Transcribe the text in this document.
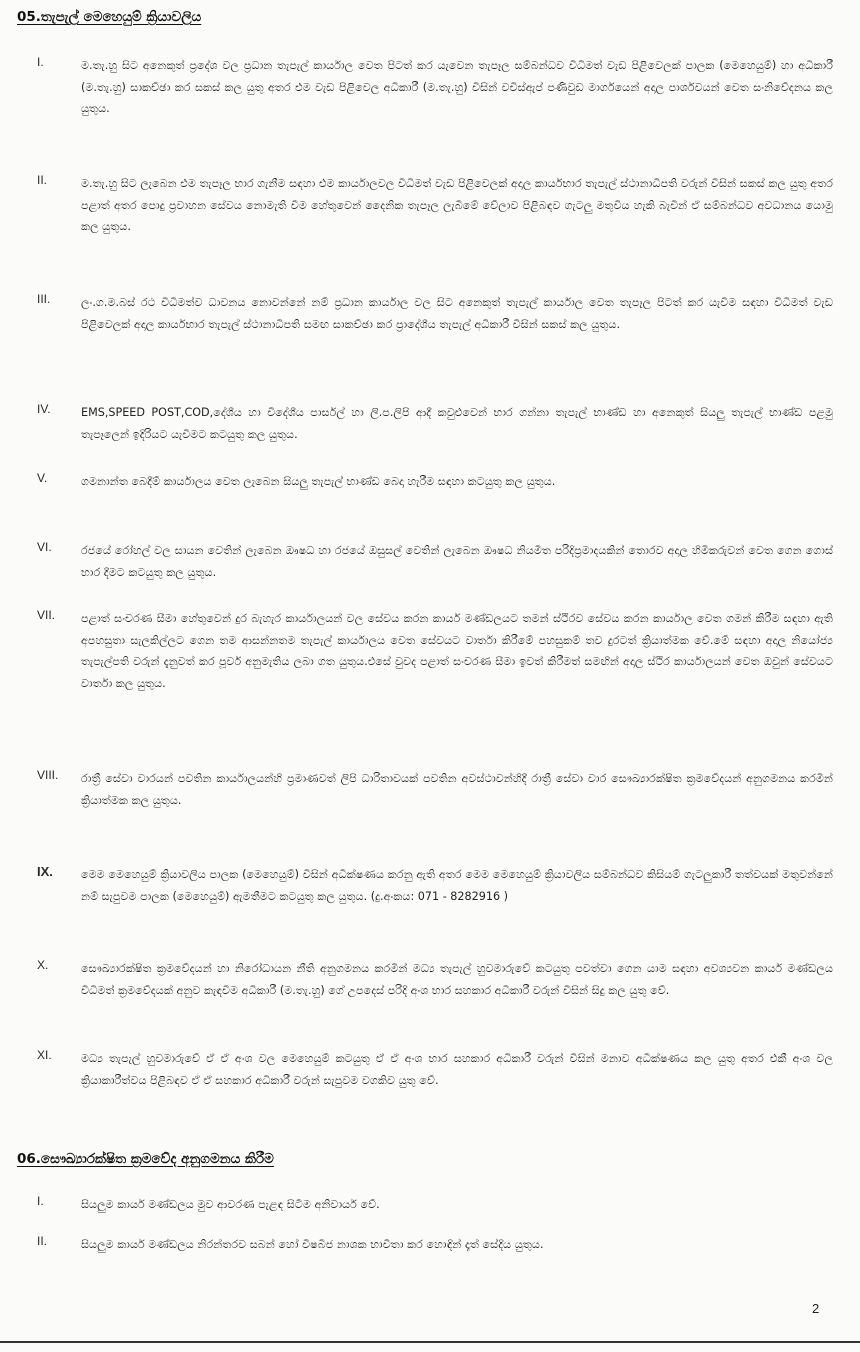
05.තැපැල් මෙහෙයුම් ක්‍රියාවලිය
I.	ම.තැ.හු සිට අනෙකුත් ප්‍රදේශ වල ප්‍රධාන තැපැල් කාර්යාල වෙත පිටත් කර යැවෙන තැපෑල සම්බන්ධව විධිමත් වැඩ පිළිවෙලක් පාලක (මෙහෙයුම්) හා අධිකාරී (ම.තැ.හු) සාකච්ඡා කර සකස් කල යුතු අතර එම වැඩ පිළිවෙල අධිකාරී (ම.තැ.හු) විසින් වචිස්ඇප් පණිවුඩ මාර්ගයෙන් අදාල පාර්ශවයන් වෙත සංනිවේදනය කල යුතුය.
II.	ම.තැ.හු සිට ලැබෙන එම තැපෑල භාර ගැනීම සඳහා එම කාර්යාලවල විධිමත් වැඩ පිළිවෙලක් අදාල කාර්යභාර තැපැල් ස්ථානාධිපති වරුන් විසින් සකස් කල යුතු අතර පළාත් අතර පොදු ප්‍රවාහන සේවය නොමැති වීම හේතුවෙන් දෛනික තැපෑල ලැබීමේ වේලාව පිළිබඳව ගැටලු මතුවිය හැකි බැවින් ඒ සම්බන්ධව අවධානය යොමු කල යුතුය.
III.	ලං.ග.ම.බස් රථ විධිමත්ව ධාවනය නොවන්නේ නම් ප්‍රධාන කාර්යාල වල සිට අනෙකුත් තැපැල් කාර්යාල වෙත තැපෑල පිටත් කර යැවීම සඳහා විධිමත් වැඩ පිළිවෙලක් අදාල කාර්යභාර තැපැල් ස්ථානාධිපති සමඟ සාකච්ඡා කර ප්‍රාදේශීය තැපැල් අධිකාරී විසින් සකස් කල යුතුය.
IV.	EMS,SPEED POST,COD,දේශීය හා විදේශීය පාර්සල් හා ලි.ප.ලිපි ආදී කවුළුවෙන් භාර ගන්නා තැපැල් භාණ්ඩ හා අනෙකුත් සියලු තැපැල් භාණ්ඩ පළමු තැපෑලෙන් ඉදිරියට යැවීමට කටයුතු කල යුතුය.
V.	ගමනාන්ත බෙදීම් කාර්යාලය වෙත ලැබෙන සියලු තැපැල් භාණ්ඩ බෙදා හැරීම සඳහා කටයුතු කල යුතුය.
VI.	රජයේ රෝහල් වල සායන වෙතින් ලැබෙන ඖෂධ හා රජයේ ඔසුසල් වෙතින් ලැබෙන ඖෂධ නියමිත පරිදිප්‍රමාදයකින් තොරව අදාල හිමිකරුවන් වෙත ගෙන ගොස් භාර දීමට කටයුතු කල යුතුය.
VII. පළාත් සංචරණ සීමා හේතුවෙන් දුර බැහැර කාර්යාලයන් වල සේවය කරන කාර්ය මණ්ඩලයට තමන් ස්ථිරව සේවය කරන කාර්යාල වෙත ගමන් කිරීම සඳහා ඇති අපහසුතා සැලකිල්ලට ගෙන තම ආසන්නතම තැපැල් කාර්යාලය වෙත සේවයට වාර්තා කිරීමේ පහසුකම් තව දුරටත් ක්‍රියාත්මක වේ.මේ සඳහා අදාල නියෝජ්‍ය තැපැල්පති වරුන් දැනුවත් කර පූර්ව අනුමැතිය ලබා ගත යුතුය.එසේ වුවද පළාත් සංචරණ සීමා ඉවත් කිරීමත් සමඟින් අදාල ස්ථිර කාර්යාලයන් වෙත ඔවුන් සේවයට වාර්තා කල යුතුය.
VIII. රාත්‍රී සේවා වාරයන් පවතින කාර්යාලයන්හි ප්‍රමාණවත් ලිපි ධාරිතාවයක් පවතින අවස්ථාවන්හිදී රාත්‍රී සේවා වාර සෞඛ්‍යාරක්ෂිත ක්‍රමවේදයන් අනුගමනය කරමින් ක්‍රියාත්මක කල යුතුය.
IX.	මෙම මෙහෙයුම් ක්‍රියාවලිය පාලක (මෙහෙයුම්) විසින් අධීක්ෂණය කරනු ඇති අතර මෙම මෙහෙයුම් ක්‍රියාවලිය සම්බන්ධව කිසියම් ගැටලුකාරී තත්වයක් මතුවන්නේ නම් සැපුවම පාලක (මෙහෙයුම්) ඇමතීමට කටයුතු කල යුතුය. (දු.අංකය: 071 - 8282916 )
X.	සෞඛ්‍යාරක්ෂිත ක්‍රමවේදයන් හා නිරෝධායන නීති අනුගමනය කරමින් මධ්‍ය තැපැල් හුවමාරුවේ කටයුතු පවත්වා ගෙන යාම සඳහා අවශ්‍යවන කාර්ය මණ්ඩලය විධිමත් ක්‍රමවේදයක් අනුව කැඳවීම අධිකාරී (ම.තැ.හු) ගේ උපදෙස් පරිදි අංශ භාර සහකාර අධිකාරී වරුන් විසින් සිදු කල යුතු වේ.
XI.	මධ්‍ය තැපැල් හුවමාරුවේ ඒ ඒ අංශ වල මෙහෙයුම් කටයුතු ඒ ඒ අංශ භාර සහකාර අධිකාරී වරුන් විසින් මනාව අධීක්ෂණය කල යුතු අතර එකී අංශ වල ක්‍රියාකාරීත්වය පිළිබඳව ඒ ඒ සහකාර අධිකාරී වරුන් සැපුවම වගකිව යුතු වේ.
06.සෞඛ්‍යාරක්ෂිත ක්‍රමවේද අනුගමනය කිරීම
I.	සියලුම කාර්ය මණ්ඩලය මුව ආවරණ පැළඳ සිටීම අනිවාර්ය වේ.
II.	සියලුම කාර්ය මණ්ඩලය නිරන්තරව සබන් හෝ විෂබීජ නාශක භාවිතා කර හොඳින් දෑත් සේදිය යුතුය.
2
